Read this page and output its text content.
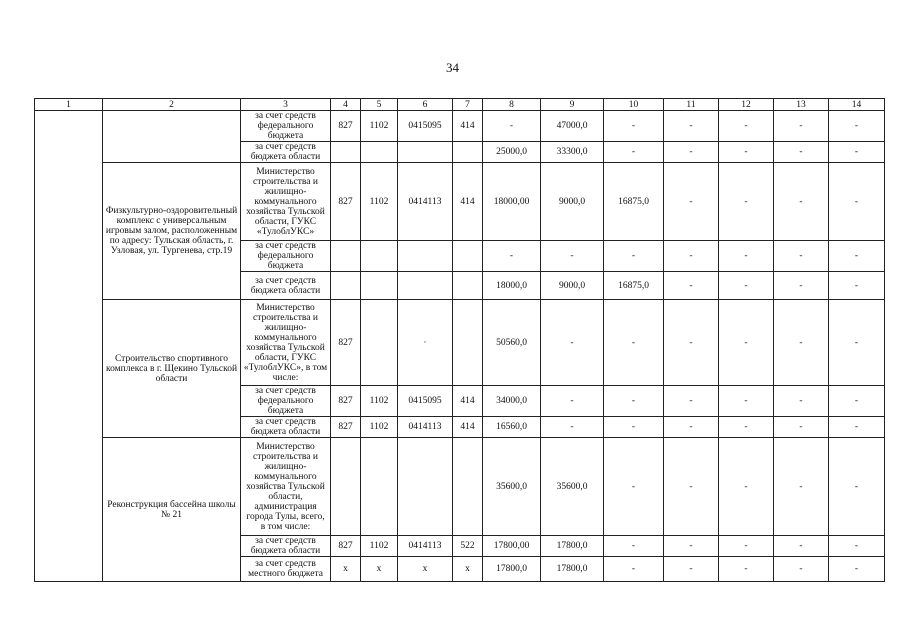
34
1	2	3	4	5	6	7	8	9	10	11	12	13	14
		за счет средств федерального бюджета	827	1102	0415095	414	-	47000,0	-	-	-	-	-
		за счет средств бюджета области					25000,0	33300,0	-	-	-	-	-
	Физкультурно-оздоровительный комплекс с универсальным игровым залом, расположенным по адресу: Тульская область, г. Узловая, ул. Тургенева, стр.19	Министерство строительства и жилищно-коммунального хозяйства Тульской области, ГУКС «ТулоблУКС»	827	1102	0414113	414	18000,00	9000,0	16875,0	-	-	-	-
		за счет средств федерального бюджета					-	-	-	-	-	-	-
		за счет средств бюджета области					18000,0	9000,0	16875,0	-	-	-	-
	Строительство спортивного комплекса в г. Щекино Тульской области	Министерство строительства и жилищно-коммунального хозяйства Тульской области, ГУКС «ТулоблУКС», в том числе:	827		·		50560,0	-	-	-	-	-	-
		за счет средств федерального бюджета	827	1102	0415095	414	34000,0	-	-	-	-	-	-
		за счет средств бюджета области	827	1102	0414113	414	16560,0	-	-	-	-	-	-
	Реконструкция бассейна школы № 21	Министерство строительства и жилищно-коммунального хозяйства Тульской области, администрация города Тулы, всего, в том числе:					35600,0	35600,0	-	-	-	-	-
		за счет средств бюджета области	827	1102	0414113	522	17800,00	17800,0	-	-	-	-	-
		за счет средств местного бюджета	x	x	x	x	17800,0	17800,0	-	-	-	-	-
